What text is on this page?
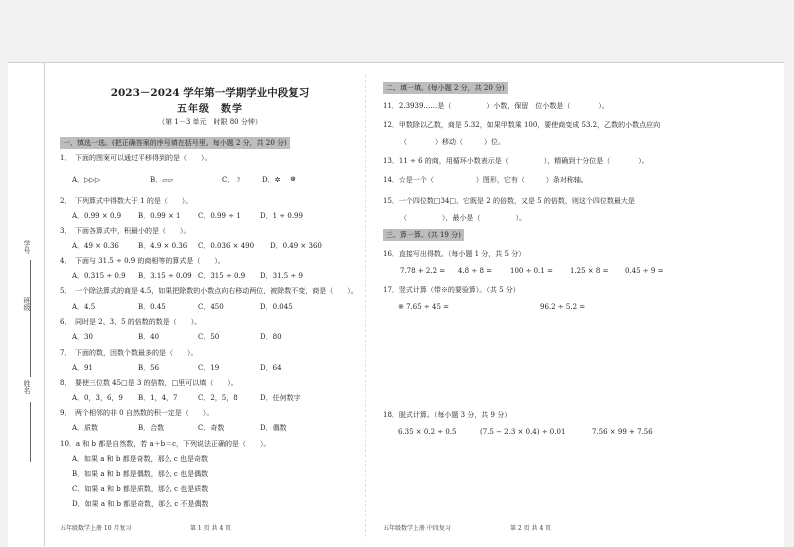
学号
班级
姓名
2023－2024 学年第一学期学业中段复习
五年级　数学
（第 1－3 单元　时限 80 分钟）
一、慎选一选。(把正确答案的序号填在括号里。每小题 2 分，共 20 分)
1．　下面的图案可以通过平移得到的是（　　）。
A．▷▷▷	B．▱▱	C．☽	D．✲ ⊛
2．　下列算式中得数大于 1 的是（　　）。
A．0.99 × 0.9 B．0.99 × 1	C．0.99 ÷ 1	D．1 ÷ 0.99
3．　下面各算式中，积最小的是（　　）。
A．49 × 0.36	B．4.9 × 0.36 C．0.036 × 490 D．0.49 × 360
4．　下面与 31.5 ÷ 0.9 的商相等的算式是（　　）。
A．0.315 ÷ 0.9 B．3.15 ÷ 0.09 C．315 ÷ 0.9 D．31.5 ÷ 9
5．　一个除法算式的商是 4.5，如果把除数的小数点向右移动两位，被除数不变，商是（　　）。
A．4.5	B．0.45	C．450	D．0.045
6．　同时是 2、3、5 的倍数的数是（　　）。
A．30	B．40	C．50	D．80
7．　下面的数，因数个数最多的是（　　）。
A．91	B．56	C．19	D．64
8．　要使三位数 45□是 3 的倍数，□里可以填（　　）。
A．0，3，6，9 B．1，4，7	C．2，5，8	D．任何数字
9．　两个相邻的非 0 自然数的积一定是（　　）。
A．质数	B．合数	C．奇数	D．偶数
10．a 和 b 都是自然数，若 a＋b＝c，下列说法正确的是（　　）。
A．如果 a 和 b 都是奇数，那么 c 也是奇数
B．如果 a 和 b 都是偶数，那么 c 也是偶数
C．如果 a 和 b 都是质数，那么 c 也是质数
D．如果 a 和 b 都是奇数，那么 c 不是偶数
二、填一填。(每小题 2 分，共 20 分)
11．2.3939……是（　　　　　）小数，保留　位小数是（　　　　）。
12．甲数除以乙数，商是 5.32，如果甲数乘 100，要使商变成 53.2，乙数的小数点应向
（　　　　）移动（　　　）位。
13．11 ÷ 6 的商，用循环小数表示是（　　　　　），精确到十分位是（　　　　）。
14．☆是一个（　　　　　　）图形，它有（　　　）条对称轴。
15．一个四位数□34□，它既是 2 的倍数，又是 5 的倍数，则这个四位数最大是
（　　　　　），最小是（　　　　　）。
三、算一算。(共 19 分)
16．直接写出得数。（每小题 1 分，共 5 分）
7.78 + 2.2 = 4.8 ÷ 8 =	100 ÷ 0.1 = 1.25 × 8 = 0.45 ÷ 9 =
17．竖式计算（带※的要验算）。（共 5 分）
※ 7.65 ÷ 45 =	96.2 ÷ 5.2 =
18．脱式计算。（每小题 3 分，共 9 分）
6.35 × 0.2 ÷ 0.5	(7.5 − 2.3 × 0.4) ÷ 0.01	7.56 × 99 + 7.56
五年级数学上册 10 月复习	第 1 页 共 4 页	五年级数学上册 中段复习	第 2 页 共 4 页
